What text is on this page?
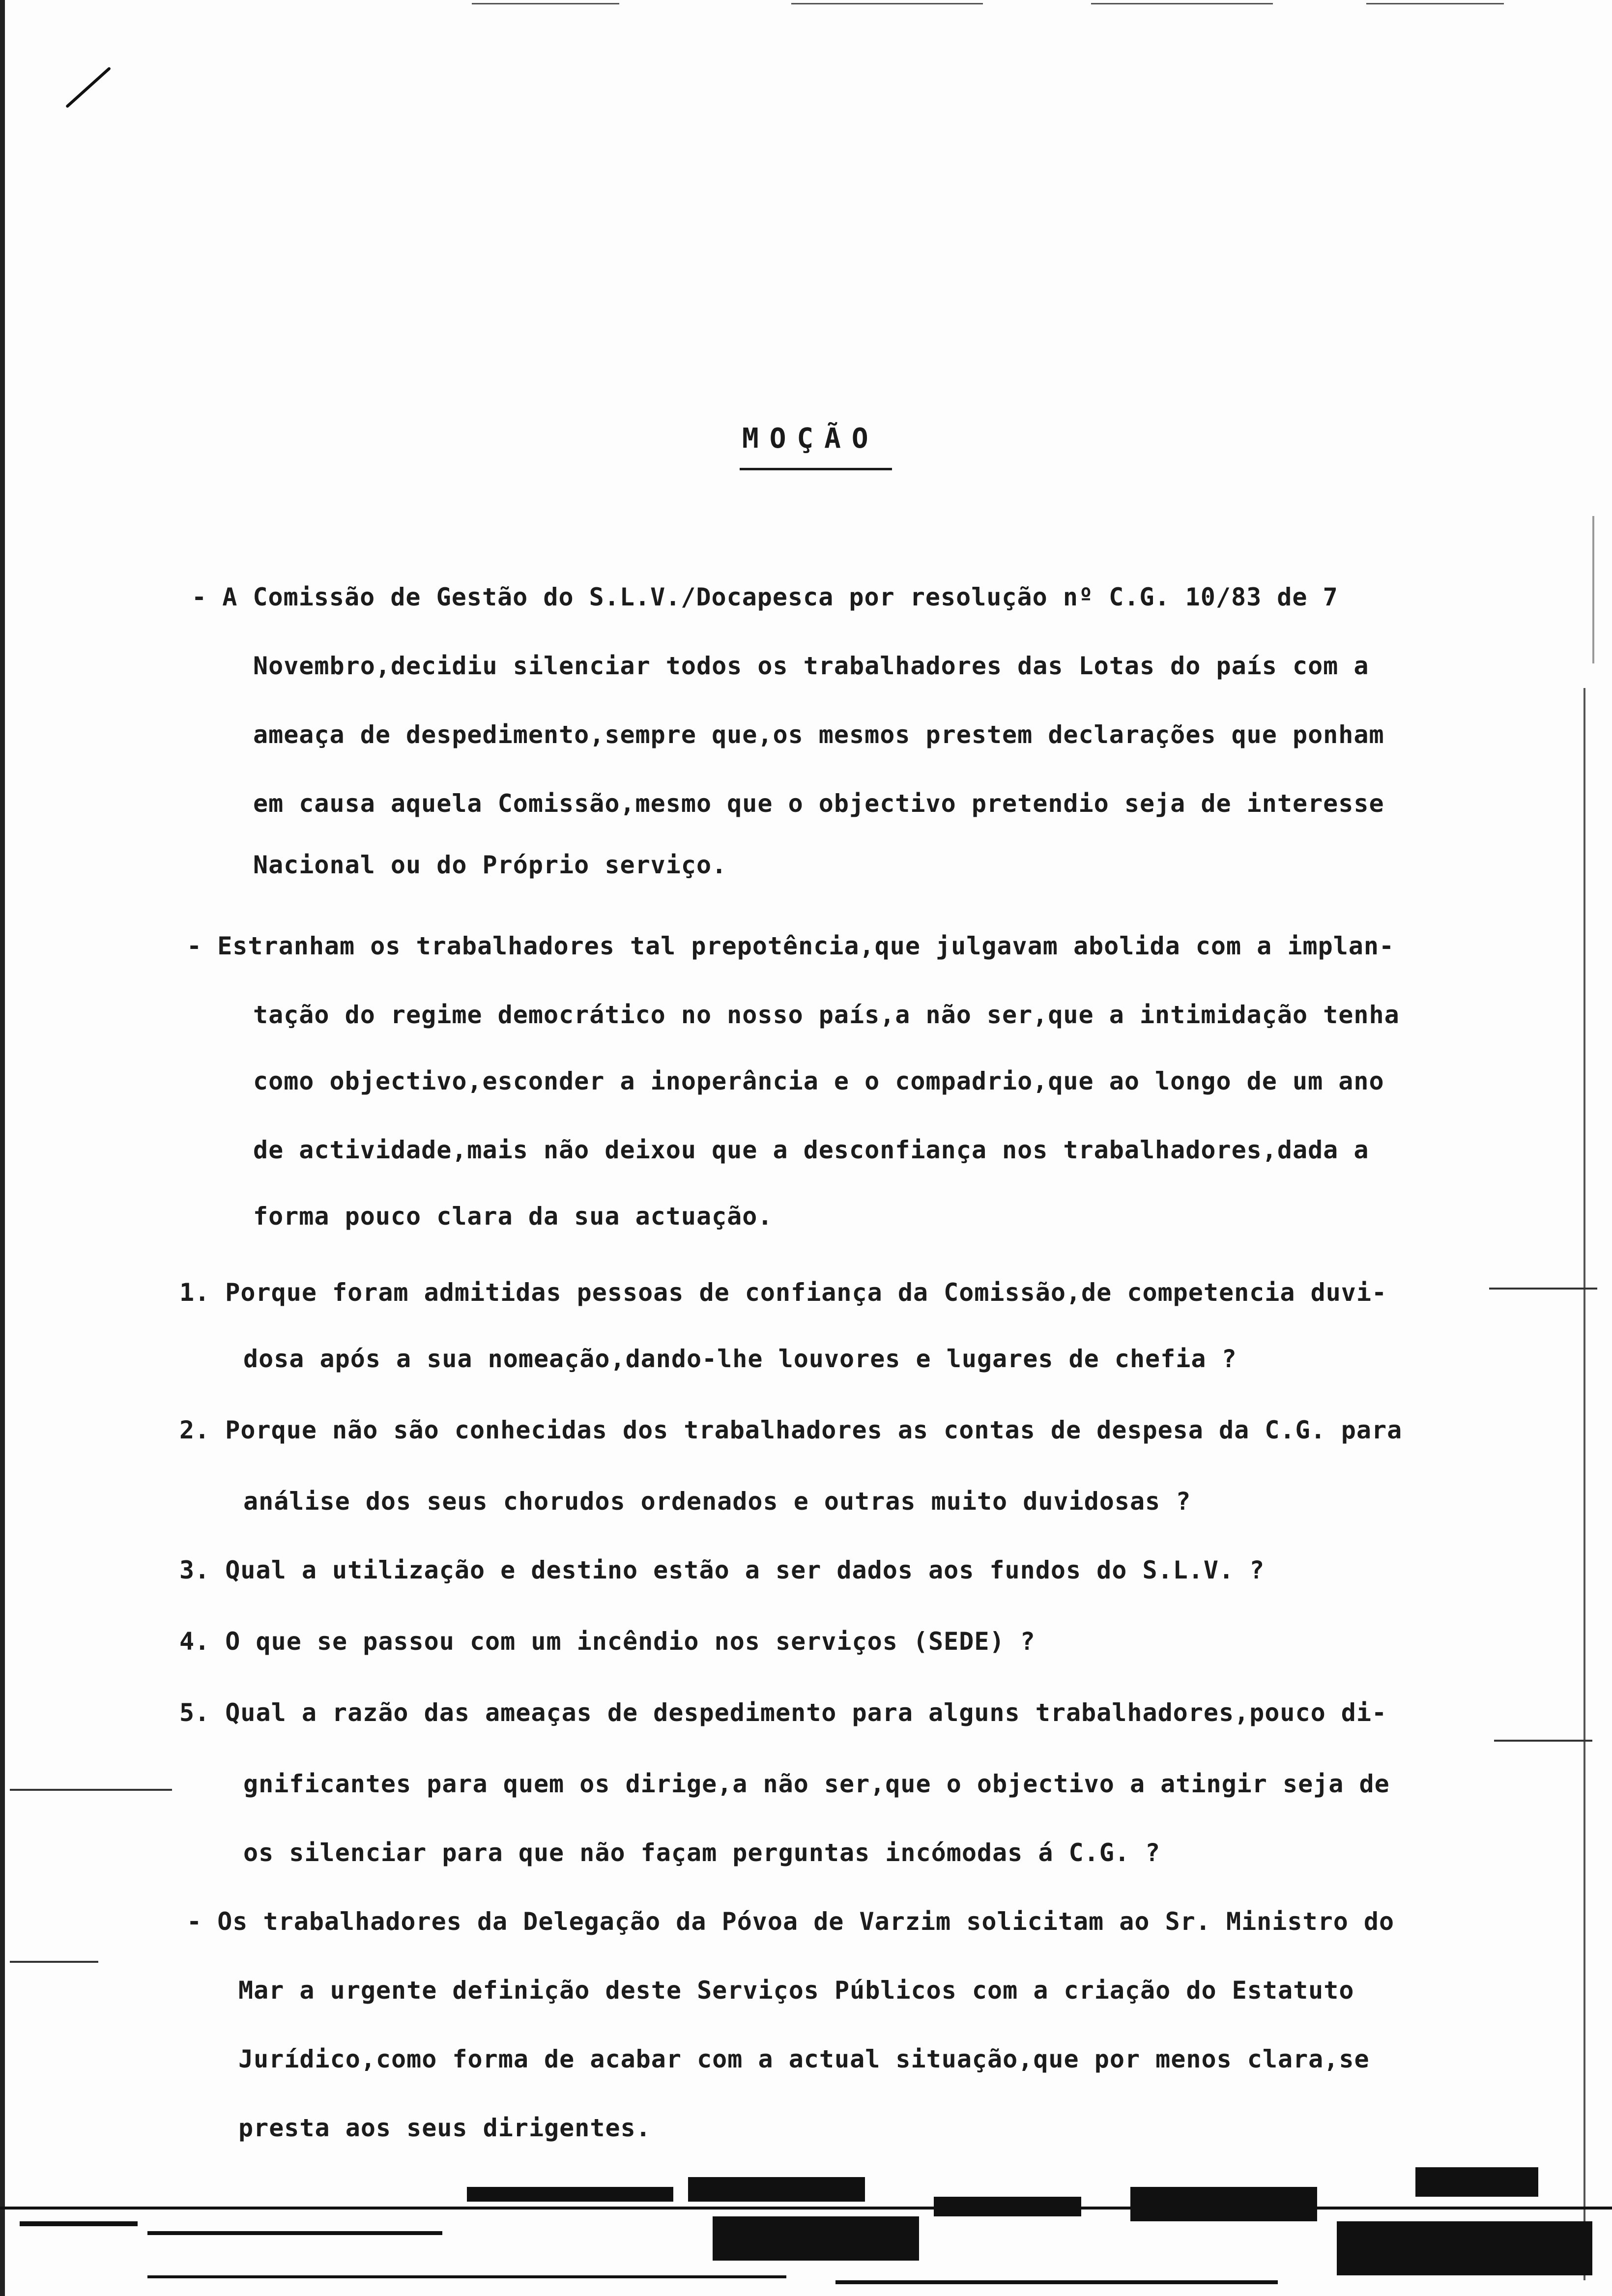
MOÇÃO
- A Comissão de Gestão do S.L.V./Docapesca por resolução nº C.G. 10/83 de 7
Novembro,decidiu silenciar todos os trabalhadores das Lotas do país com a
ameaça de despedimento,sempre que,os mesmos prestem declarações que ponham
em causa aquela Comissão,mesmo que o objectivo pretendio seja de interesse
Nacional ou do Próprio serviço.
- Estranham os trabalhadores tal prepotência,que julgavam abolida com a implan-
tação do regime democrático no nosso país,a não ser,que a intimidação tenha
como objectivo,esconder a inoperância e o compadrio,que ao longo de um ano
de actividade,mais não deixou que a desconfiança nos trabalhadores,dada a
forma pouco clara da sua actuação.
1. Porque foram admitidas pessoas de confiança da Comissão,de competencia duvi-
dosa após a sua nomeação,dando-lhe louvores e lugares de chefia ?
2. Porque não são conhecidas dos trabalhadores as contas de despesa da C.G. para
análise dos seus chorudos ordenados e outras muito duvidosas ?
3. Qual a utilização e destino estão a ser dados aos fundos do S.L.V. ?
4. O que se passou com um incêndio nos serviços (SEDE) ?
5. Qual a razão das ameaças de despedimento para alguns trabalhadores,pouco di-
gnificantes para quem os dirige,a não ser,que o objectivo a atingir seja de
os silenciar para que não façam perguntas incómodas á C.G. ?
- Os trabalhadores da Delegação da Póvoa de Varzim solicitam ao Sr. Ministro do
Mar a urgente definição deste Serviços Públicos com a criação do Estatuto
Jurídico,como forma de acabar com a actual situação,que por menos clara,se
presta aos seus dirigentes.
